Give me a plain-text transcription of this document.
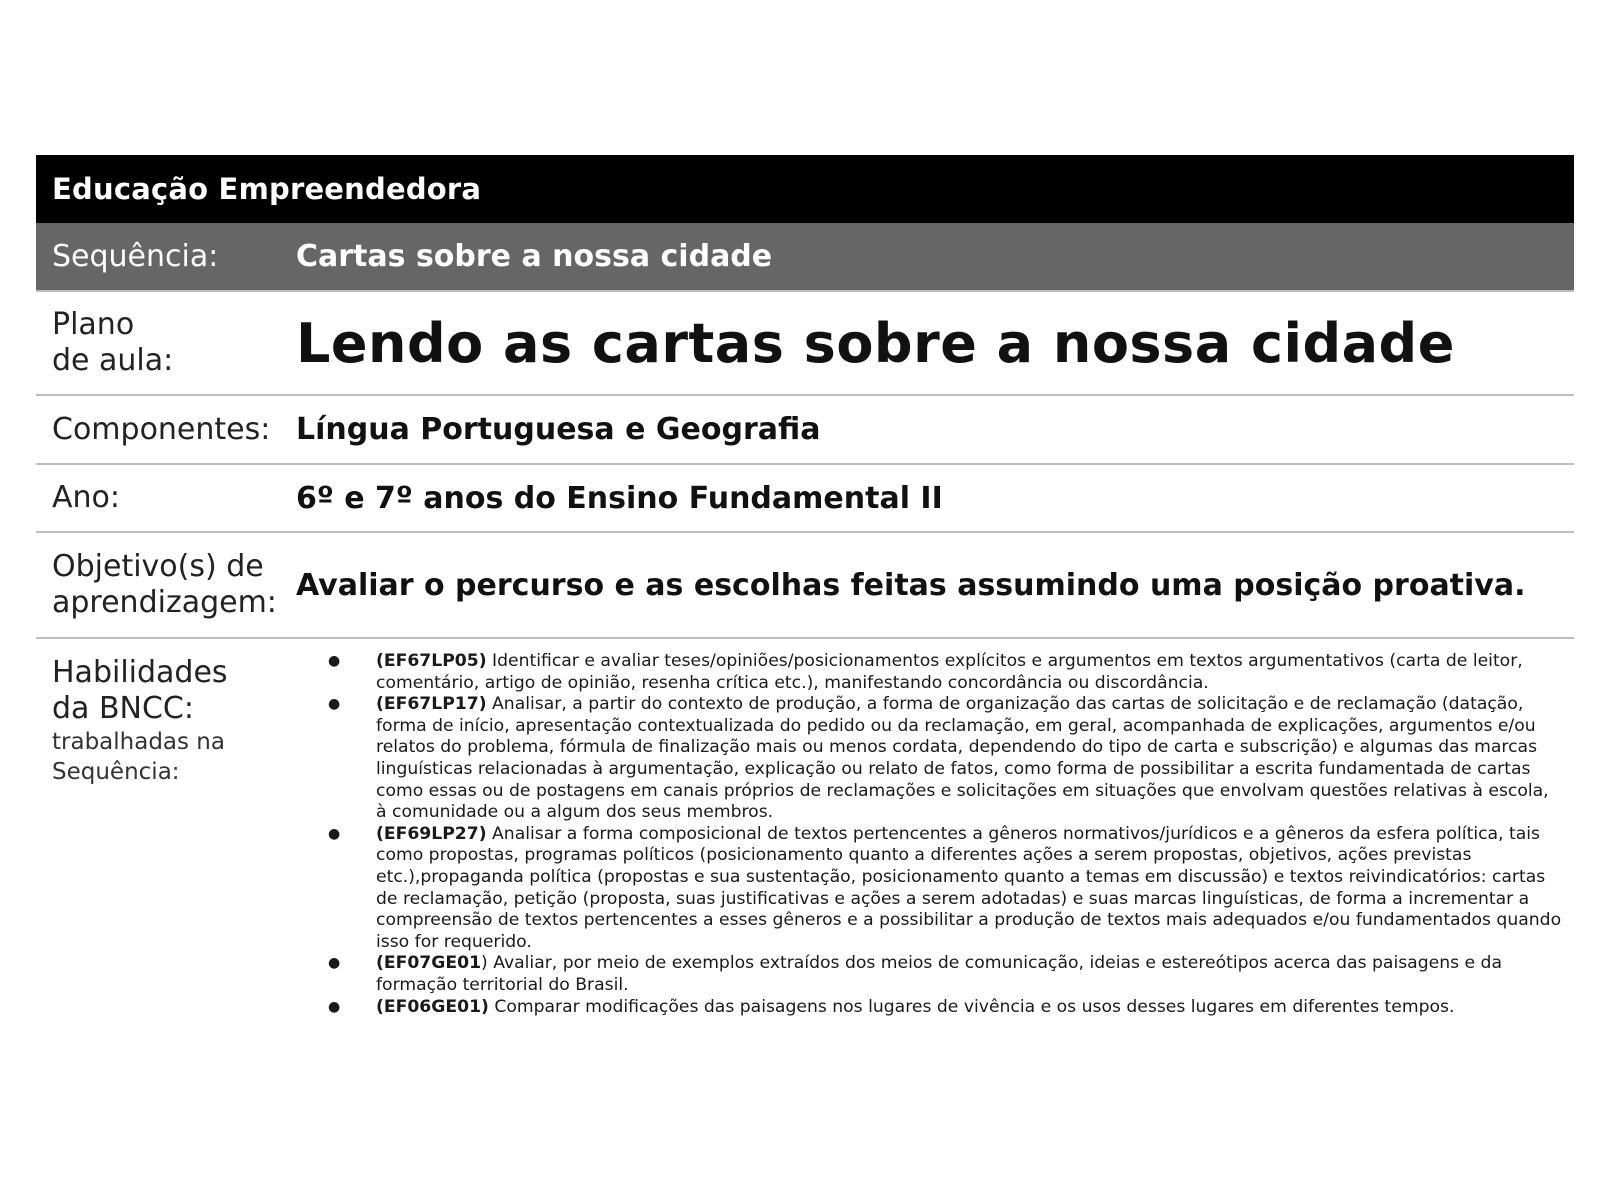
Educação Empreendedora
Sequência:	Cartas sobre a nossa cidade
Plano
de aula:	Lendo as cartas sobre a nossa cidade
Componentes: Língua Portuguesa e Geografia
Ano:	6º e 7º anos do Ensino Fundamental II
Objetivo(s) de
aprendizagem: Avaliar o percurso e as escolhas feitas assumindo uma posição proativa.
Habilidades
da BNCC:
trabalhadas na
Sequência:
● (EF67LP05) Identificar e avaliar teses/opiniões/posicionamentos explícitos e argumentos em textos argumentativos (carta de leitor, comentário, artigo de opinião, resenha crítica etc.), manifestando concordância ou discordância.
● (EF67LP17) Analisar, a partir do contexto de produção, a forma de organização das cartas de solicitação e de reclamação (datação, forma de início, apresentação contextualizada do pedido ou da reclamação, em geral, acompanhada de explicações, argumentos e/ou relatos do problema, fórmula de finalização mais ou menos cordata, dependendo do tipo de carta e subscrição) e algumas das marcas linguísticas relacionadas à argumentação, explicação ou relato de fatos, como forma de possibilitar a escrita fundamentada de cartas como essas ou de postagens em canais próprios de reclamações e solicitações em situações que envolvam questões relativas à escola, à comunidade ou a algum dos seus membros.
● (EF69LP27) Analisar a forma composicional de textos pertencentes a gêneros normativos/jurídicos e a gêneros da esfera política, tais como propostas, programas políticos (posicionamento quanto a diferentes ações a serem propostas, objetivos, ações previstas etc.),propaganda política (propostas e sua sustentação, posicionamento quanto a temas em discussão) e textos reivindicatórios: cartas de reclamação, petição (proposta, suas justificativas e ações a serem adotadas) e suas marcas linguísticas, de forma a incrementar a compreensão de textos pertencentes a esses gêneros e a possibilitar a produção de textos mais adequados e/ou fundamentados quando isso for requerido.
● (EF07GE01) Avaliar, por meio de exemplos extraídos dos meios de comunicação, ideias e estereótipos acerca das paisagens e da formação territorial do Brasil.
● (EF06GE01) Comparar modificações das paisagens nos lugares de vivência e os usos desses lugares em diferentes tempos.
